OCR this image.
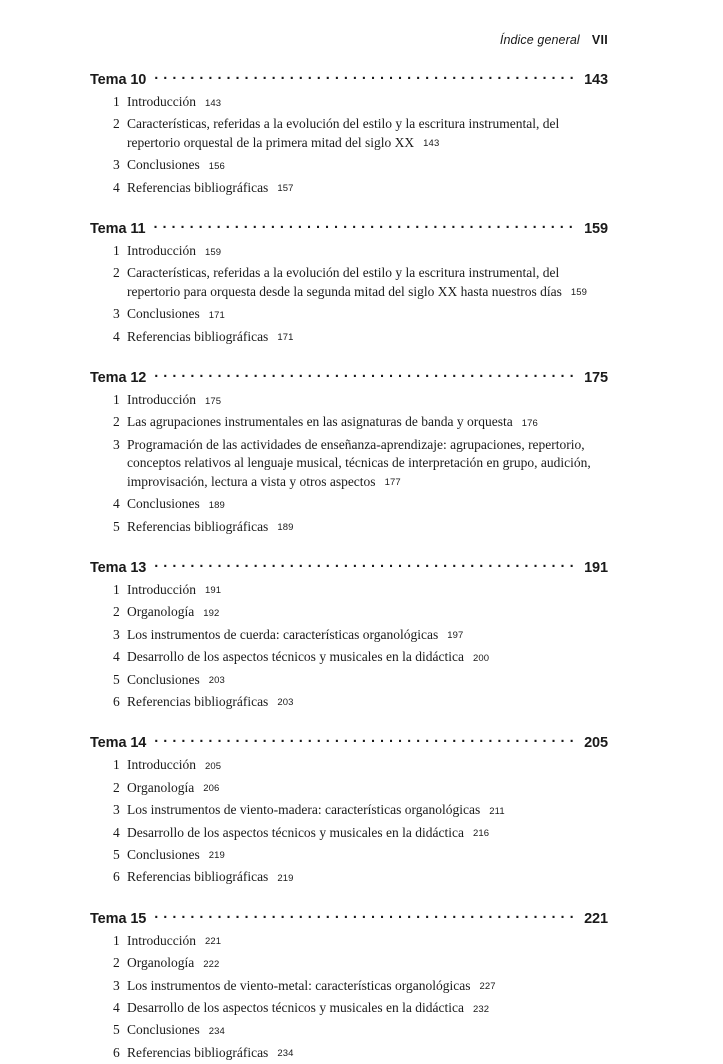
Índice general VII
Tema 10 .....	143
1 Introducción 143
2 Características, referidas a la evolución del estilo y la escritura instrumental, del repertorio orquestal de la primera mitad del siglo XX 143
3 Conclusiones 156
4 Referencias bibliográficas 157
Tema 11 .....	159
1 Introducción 159
2 Características, referidas a la evolución del estilo y la escritura instrumental, del repertorio para orquesta desde la segunda mitad del siglo XX hasta nuestros días 159
3 Conclusiones 171
4 Referencias bibliográficas 171
Tema 12 .....	175
1 Introducción 175
2 Las agrupaciones instrumentales en las asignaturas de banda y orquesta 176
3 Programación de las actividades de enseñanza-aprendizaje: agrupaciones, repertorio, conceptos relativos al lenguaje musical, técnicas de interpretación en grupo, audición, improvisación, lectura a vista y otros aspectos 177
4 Conclusiones 189
5 Referencias bibliográficas 189
Tema 13 .....	191
1 Introducción 191
2 Organología 192
3 Los instrumentos de cuerda: características organológicas 197
4 Desarrollo de los aspectos técnicos y musicales en la didáctica 200
5 Conclusiones 203
6 Referencias bibliográficas 203
Tema 14 .....	205
1 Introducción 205
2 Organología 206
3 Los instrumentos de viento-madera: características organológicas 211
4 Desarrollo de los aspectos técnicos y musicales en la didáctica 216
5 Conclusiones 219
6 Referencias bibliográficas 219
Tema 15 .....	221
1 Introducción 221
2 Organología 222
3 Los instrumentos de viento-metal: características organológicas 227
4 Desarrollo de los aspectos técnicos y musicales en la didáctica 232
5 Conclusiones 234
6 Referencias bibliográficas 234
